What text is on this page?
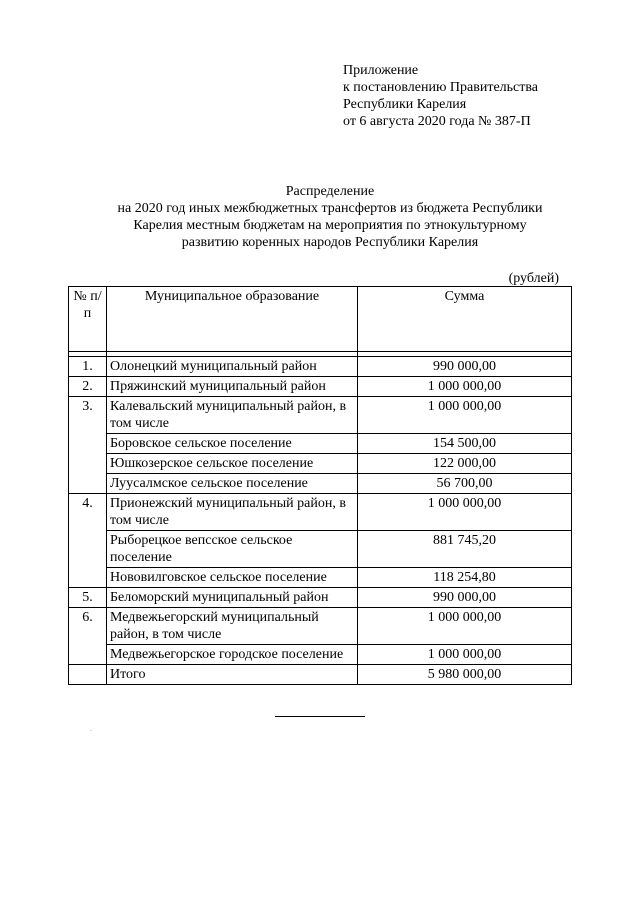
Приложение
к постановлению Правительства
Республики Карелия
от 6 августа 2020 года № 387-П
Распределение
на 2020 год иных межбюджетных трансфертов из бюджета Республики
Карелия местным бюджетам на мероприятия по этнокультурному
развитию коренных народов Республики Карелия
(рублей)
№ п/п	Муниципальное образование	Сумма

1.	Олонецкий муниципальный район	990 000,00
2.	Пряжинский муниципальный район	1 000 000,00
3.	Калевальский муниципальный район, в том числе	1 000 000,00
	Боровское сельское поселение	154 500,00
	Юшкозерское сельское поселение	122 000,00
	Луусалмское сельское поселение	56 700,00
4.	Прионежский муниципальный район, в том числе	1 000 000,00
	Рыборецкое вепсское сельское поселение	881 745,20
	Нововилговское сельское поселение	118 254,80
5.	Беломорский муниципальный район	990 000,00
6.	Медвежьегорский муниципальный район, в том числе	1 000 000,00
	Медвежьегорское городское поселение	1 000 000,00
	Итого	5 980 000,00
.
